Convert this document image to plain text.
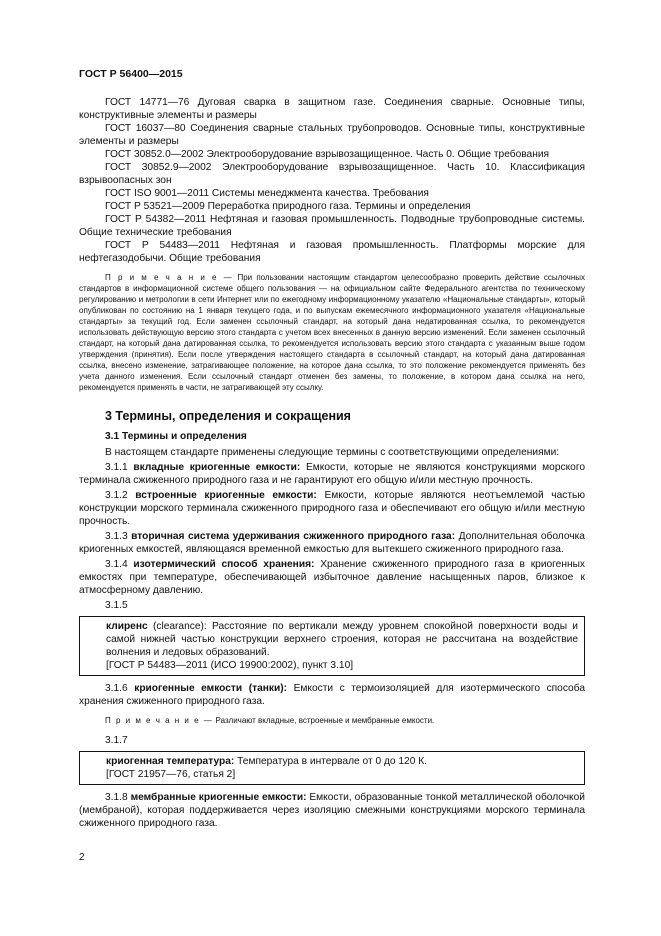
ГОСТ Р 56400—2015

ГОСТ 14771—76 Дуговая сварка в защитном газе. Соединения сварные. Основные типы, конструктивные элементы и размеры

ГОСТ 16037—80 Соединения сварные стальных трубопроводов. Основные типы, конструктивные элементы и размеры

ГОСТ 30852.0—2002 Электрооборудование взрывозащищенное. Часть 0. Общие требования

ГОСТ 30852.9—2002 Электрооборудование взрывозащищенное. Часть 10. Классификация взрывоопасных зон

ГОСТ ISO 9001—2011 Системы менеджмента качества. Требования

ГОСТ Р 53521—2009 Переработка природного газа. Термины и определения

ГОСТ Р 54382—2011 Нефтяная и газовая промышленность. Подводные трубопроводные системы. Общие технические требования

ГОСТ Р 54483—2011 Нефтяная и газовая промышленность. Платформы морские для нефтегазодобычи. Общие требования

П р и м е ч а н и е — При пользовании настоящим стандартом целесообразно проверить действие ссылочных стандартов в информационной системе общего пользования — на официальном сайте Федерального агентства по техническому регулированию и метрологии в сети Интернет или по ежегодному информационному указателю «Национальные стандарты», который опубликован по состоянию на 1 января текущего года, и по выпускам ежемесячного информационного указателя «Национальные стандарты» за текущий год. Если заменен ссылочный стандарт, на который дана недатированная ссылка, то рекомендуется использовать действующую версию этого стандарта с учетом всех внесенных в данную версию изменений. Если заменен ссылочный стандарт, на который дана датированная ссылка, то рекомендуется использовать версию этого стандарта с указанным выше годом утверждения (принятия). Если после утверждения настоящего стандарта в ссылочный стандарт, на который дана датированная ссылка, внесено изменение, затрагивающее положение, на которое дана ссылка, то это положение рекомендуется применять без учета данного изменения. Если ссылочный стандарт отменен без замены, то положение, в котором дана ссылка на него, рекомендуется применять в части, не затрагивающей эту ссылку.

3 Термины, определения и сокращения
3.1 Термины и определения

В настоящем стандарте применены следующие термины с соответствующими определениями:

3.1.1 вкладные криогенные емкости: Емкости, которые не являются конструкциями морского терминала сжиженного природного газа и не гарантируют его общую и/или местную прочность.

3.1.2 встроенные криогенные емкости: Емкости, которые являются неотъемлемой частью конструкции морского терминала сжиженного природного газа и обеспечивают его общую и/или местную прочность.

3.1.3 вторичная система удерживания сжиженного природного газа: Дополнительная оболочка криогенных емкостей, являющаяся временной емкостью для вытекшего сжиженного природного газа.

3.1.4 изотермический способ хранения: Хранение сжиженного природного газа в криогенных емкостях при температуре, обеспечивающей избыточное давление насыщенных паров, близкое к атмосферному давлению.

3.1.5

клиренс (clearance): Расстояние по вертикали между уровнем спокойной поверхности воды и самой нижней частью конструкции верхнего строения, которая не рассчитана на воздействие волнения и ледовых образований.
[ГОСТ Р 54483—2011 (ИСО 19900:2002), пункт 3.10]

3.1.6 криогенные емкости (танки): Емкости с термоизоляцией для изотермического способа хранения сжиженного природного газа.

П р и м е ч а н и е — Различают вкладные, встроенные и мембранные емкости.

3.1.7

криогенная температура: Температура в интервале от 0 до 120 К.
[ГОСТ 21957—76, статья 2]

3.1.8 мембранные криогенные емкости: Емкости, образованные тонкой металлической оболочкой (мембраной), которая поддерживается через изоляцию смежными конструкциями морского терминала сжиженного природного газа.

2
